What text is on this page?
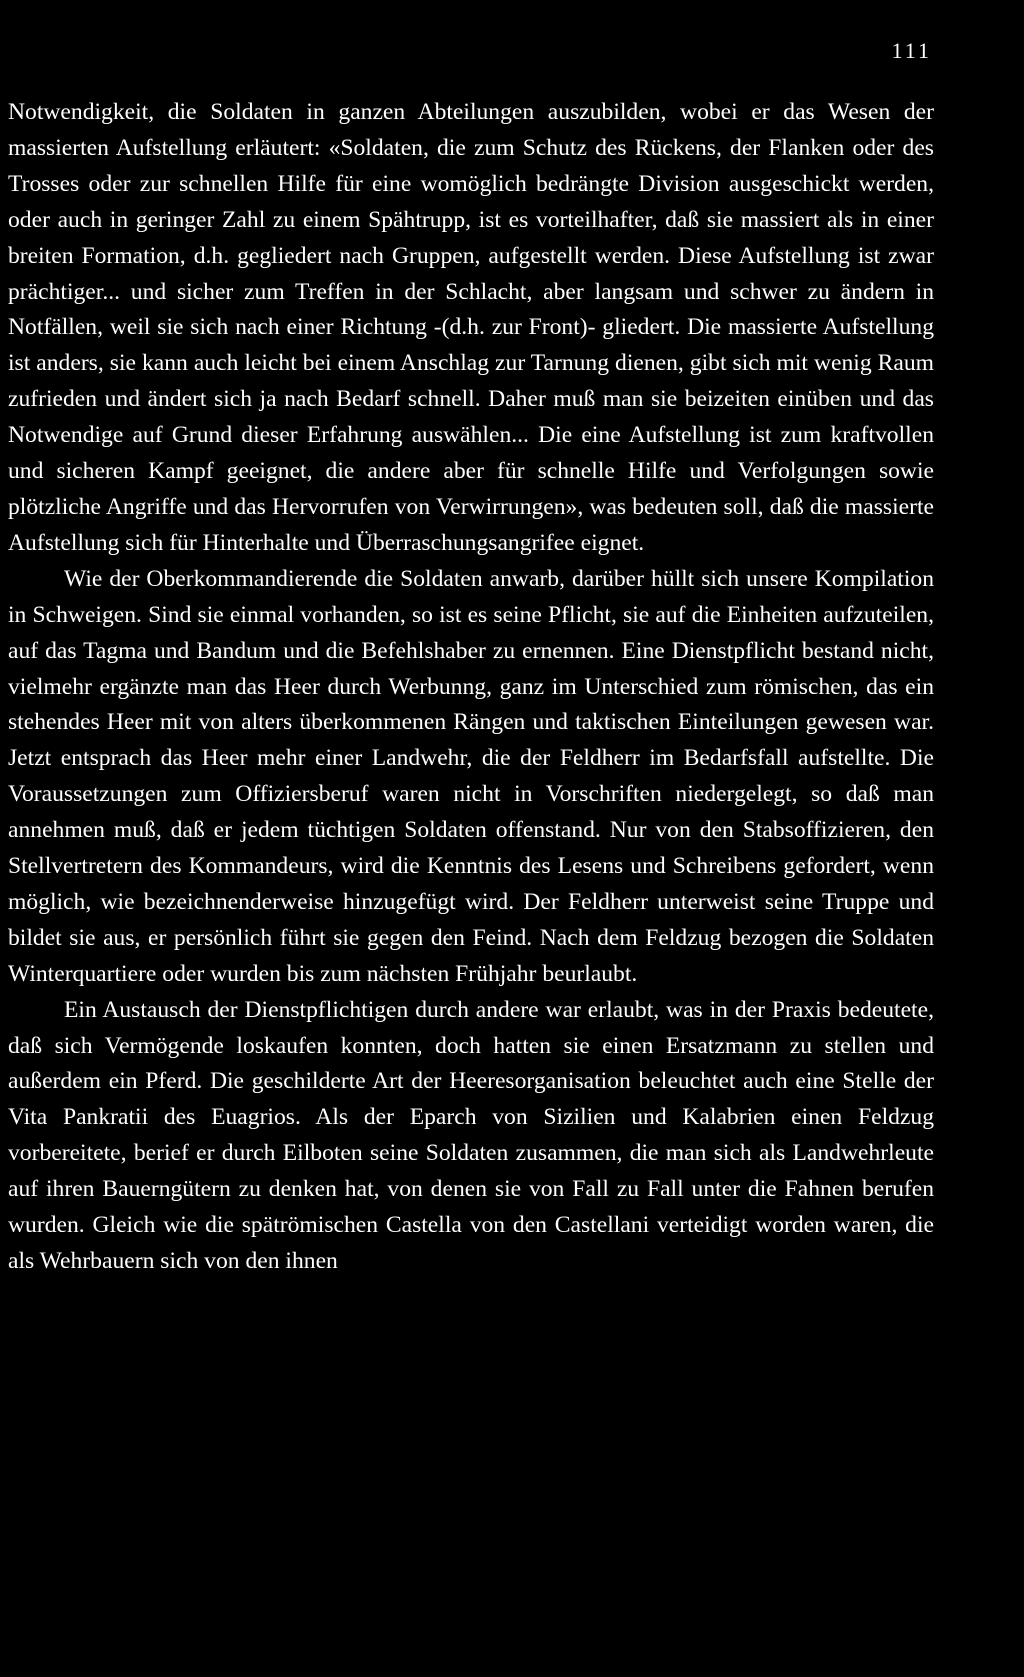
111

Notwendigkeit, die Soldaten in ganzen Abteilungen auszubilden, wobei er das Wesen der massierten Aufstellung erläutert: «Soldaten, die zum Schutz des Rückens, der Flanken oder des Trosses oder zur schnellen Hilfe für eine womöglich bedrängte Division ausgeschickt werden, oder auch in geringer Zahl zu einem Spähtrupp, ist es vorteilhafter, daß sie massiert als in einer breiten Formation, d.h. gegliedert nach Gruppen, aufgestellt werden. Diese Aufstellung ist zwar prächtiger... und sicher zum Treffen in der Schlacht, aber langsam und schwer zu ändern in Notfällen, weil sie sich nach einer Richtung -(d.h. zur Front)- gliedert. Die massierte Aufstellung ist anders, sie kann auch leicht bei einem Anschlag zur Tarnung dienen, gibt sich mit wenig Raum zufrieden und ändert sich ja nach Bedarf schnell. Daher muß man sie beizeiten einüben und das Notwendige auf Grund dieser Erfahrung auswählen... Die eine Aufstellung ist zum kraftvollen und sicheren Kampf geeignet, die andere aber für schnelle Hilfe und Verfolgungen sowie plötzliche Angriffe und das Hervorrufen von Verwirrungen», was bedeuten soll, daß die massierte Aufstellung sich für Hinterhalte und Überraschungsangrifee eignet.

Wie der Oberkommandierende die Soldaten anwarb, darüber hüllt sich unsere Kompilation in Schweigen. Sind sie einmal vorhanden, so ist es seine Pflicht, sie auf die Einheiten aufzuteilen, auf das Tagma und Bandum und die Befehlshaber zu ernennen. Eine Dienstpflicht bestand nicht, vielmehr ergänzte man das Heer durch Werbunng, ganz im Unterschied zum römischen, das ein stehendes Heer mit von alters überkommenen Rängen und taktischen Einteilungen gewesen war. Jetzt entsprach das Heer mehr einer Landwehr, die der Feldherr im Bedarfsfall aufstellte. Die Voraussetzungen zum Offiziersberuf waren nicht in Vorschriften niedergelegt, so daß man annehmen muß, daß er jedem tüchtigen Soldaten offenstand. Nur von den Stabsoffizieren, den Stellvertretern des Kommandeurs, wird die Kenntnis des Lesens und Schreibens gefordert, wenn möglich, wie bezeichnenderweise hinzugefügt wird. Der Feldherr unterweist seine Truppe und bildet sie aus, er persönlich führt sie gegen den Feind. Nach dem Feldzug bezogen die Soldaten Winterquartiere oder wurden bis zum nächsten Frühjahr beurlaubt.

Ein Austausch der Dienstpflichtigen durch andere war erlaubt, was in der Praxis bedeutete, daß sich Vermögende loskaufen konnten, doch hatten sie einen Ersatzmann zu stellen und außerdem ein Pferd. Die geschilderte Art der Heeresorganisation beleuchtet auch eine Stelle der Vita Pankratii des Euagrios. Als der Eparch von Sizilien und Kalabrien einen Feldzug vorbereitete, berief er durch Eilboten seine Soldaten zusammen, die man sich als Landwehrleute auf ihren Bauerngütern zu denken hat, von denen sie von Fall zu Fall unter die Fahnen berufen wurden. Gleich wie die spätrömischen Castella von den Castellani verteidigt worden waren, die als Wehrbauern sich von den ihnen
